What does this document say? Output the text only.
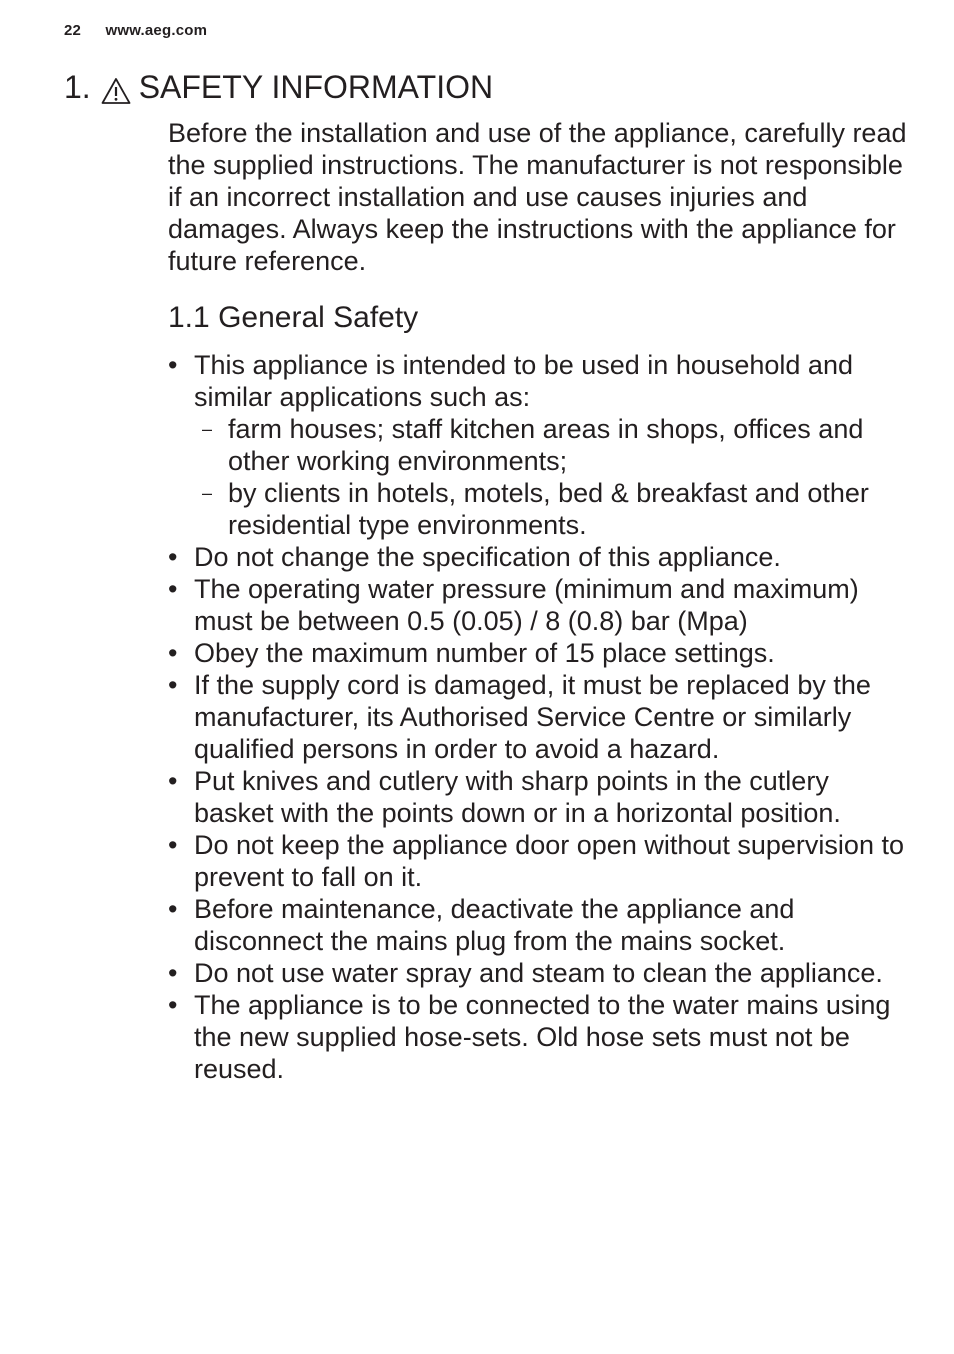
22 www.aeg.com
1. SAFETY INFORMATION

Before the installation and use of the appliance, carefully read the supplied instructions. The manufacturer is not responsible if an incorrect installation and use causes injuries and damages. Always keep the instructions with the appliance for future reference.

1.1 General Safety
• This appliance is intended to be used in household and similar applications such as:
– farm houses; staff kitchen areas in shops, offices and other working environments;
– by clients in hotels, motels, bed & breakfast and other residential type environments.
• Do not change the specification of this appliance.
• The operating water pressure (minimum and maximum) must be between 0.5 (0.05) / 8 (0.8) bar (Mpa)
• Obey the maximum number of 15 place settings.
• If the supply cord is damaged, it must be replaced by the manufacturer, its Authorised Service Centre or similarly qualified persons in order to avoid a hazard.
• Put knives and cutlery with sharp points in the cutlery basket with the points down or in a horizontal position.
• Do not keep the appliance door open without supervision to prevent to fall on it.
• Before maintenance, deactivate the appliance and disconnect the mains plug from the mains socket.
• Do not use water spray and steam to clean the appliance.
• The appliance is to be connected to the water mains using the new supplied hose-sets. Old hose sets must not be reused.
